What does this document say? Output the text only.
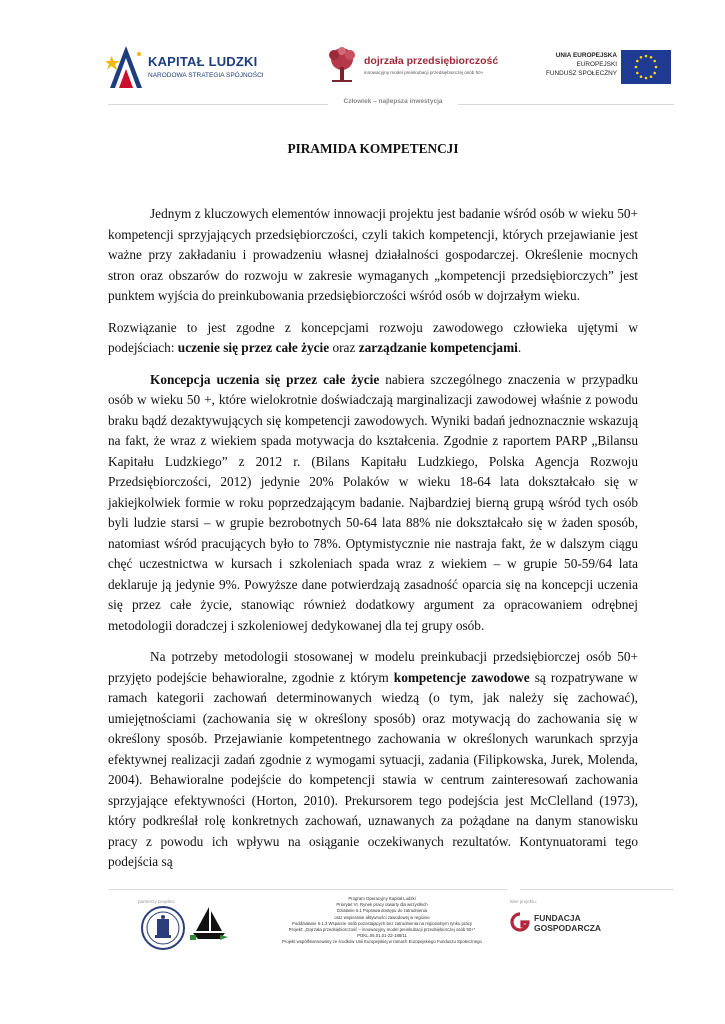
KAPITAŁ LUDZKI
NARODOWA STRATEGIA SPÓJNOŚCI
dojrzała przedsiębiorczość
innowacyjny model preinkubacji przedsiębiorczej osób 50+
UNIA EUROPEJSKA
EUROPEJSKI
FUNDUSZ SPOŁECZNY
Człowiek – najlepsza inwestycja
PIRAMIDA KOMPETENCJI

Jednym z kluczowych elementów innowacji projektu jest badanie wśród osób w wieku 50+ kompetencji sprzyjających przedsiębiorczości, czyli takich kompetencji, których przejawianie jest ważne przy zakładaniu i prowadzeniu własnej działalności gospodarczej. Określenie mocnych stron oraz obszarów do rozwoju w zakresie wymaganych „kompetencji przedsiębiorczych” jest punktem wyjścia do preinkubowania przedsiębiorczości wśród osób w dojrzałym wieku.

Rozwiązanie to jest zgodne z koncepcjami rozwoju zawodowego człowieka ujętymi w podejściach: uczenie się przez całe życie oraz zarządzanie kompetencjami.

Koncepcja uczenia się przez całe życie nabiera szczególnego znaczenia w przypadku osób w wieku 50 +, które wielokrotnie doświadczają marginalizacji zawodowej właśnie z powodu braku bądź dezaktywujących się kompetencji zawodowych. Wyniki badań jednoznacznie wskazują na fakt, że wraz z wiekiem spada motywacja do kształcenia. Zgodnie z raportem PARP „Bilansu Kapitału Ludzkiego” z 2012 r. (Bilans Kapitału Ludzkiego, Polska Agencja Rozwoju Przedsiębiorczości, 2012) jedynie 20% Polaków w wieku 18-64 lata dokształcało się w jakiejkolwiek formie w roku poprzedzającym badanie. Najbardziej bierną grupą wśród tych osób byli ludzie starsi – w grupie bezrobotnych 50-64 lata 88% nie dokształcało się w żaden sposób, natomiast wśród pracujących było to 78%. Optymistycznie nie nastraja fakt, że w dalszym ciągu chęć uczestnictwa w kursach i szkoleniach spada wraz z wiekiem – w grupie 50-59/64 lata deklaruje ją jedynie 9%. Powyższe dane potwierdzają zasadność oparcia się na koncepcji uczenia się przez całe życie, stanowiąc również dodatkowy argument za opracowaniem odrębnej metodologii doradczej i szkoleniowej dedykowanej dla tej grupy osób.

Na potrzeby metodologii stosowanej w modelu preinkubacji przedsiębiorczej osób 50+ przyjęto podejście behawioralne, zgodnie z którym kompetencje zawodowe są rozpatrywane w ramach kategorii zachowań determinowanych wiedzą (o tym, jak należy się zachować), umiejętnościami (zachowania się w określony sposób) oraz motywacją do zachowania się w określony sposób. Przejawianie kompetentnego zachowania w określonych warunkach sprzyja efektywnej realizacji zadań zgodnie z wymogami sytuacji, zadania (Filipkowska, Jurek, Molenda, 2004). Behawioralne podejście do kompetencji stawia w centrum zainteresowań zachowania sprzyjające efektywności (Horton, 2010). Prekursorem tego podejścia jest McClelland (1973), który podkreślał rolę konkretnych zachowań, uznawanych za pożądane na danym stanowisku pracy z powodu ich wpływu na osiąganie oczekiwanych rezultatów. Kontynuatorami tego podejścia są

partnerzy projektu:	lider projektu:
Program Operacyjny Kapitał Ludzki
Priorytet VI. Rynek pracy otwarty dla wszystkich
Działanie 6.1 Poprawa dostępu do zatrudnienia
oraz wspieranie aktywności zawodowej w regionie
Poddziałanie 6.1.3 Wsparcie osób pozostających bez zatrudnienia na regionalnym rynku pracy
Projekt: „Dojrzała przedsiębiorczość – innowacyjny model preinkubacji przedsiębiorczej osób 50+”
POKL.06.01.01-22-188/11
Projekt współfinansowany ze środków Unii Europejskiej w ramach Europejskiego Funduszu Społecznego
FUNDACJA
GOSPODARCZA
